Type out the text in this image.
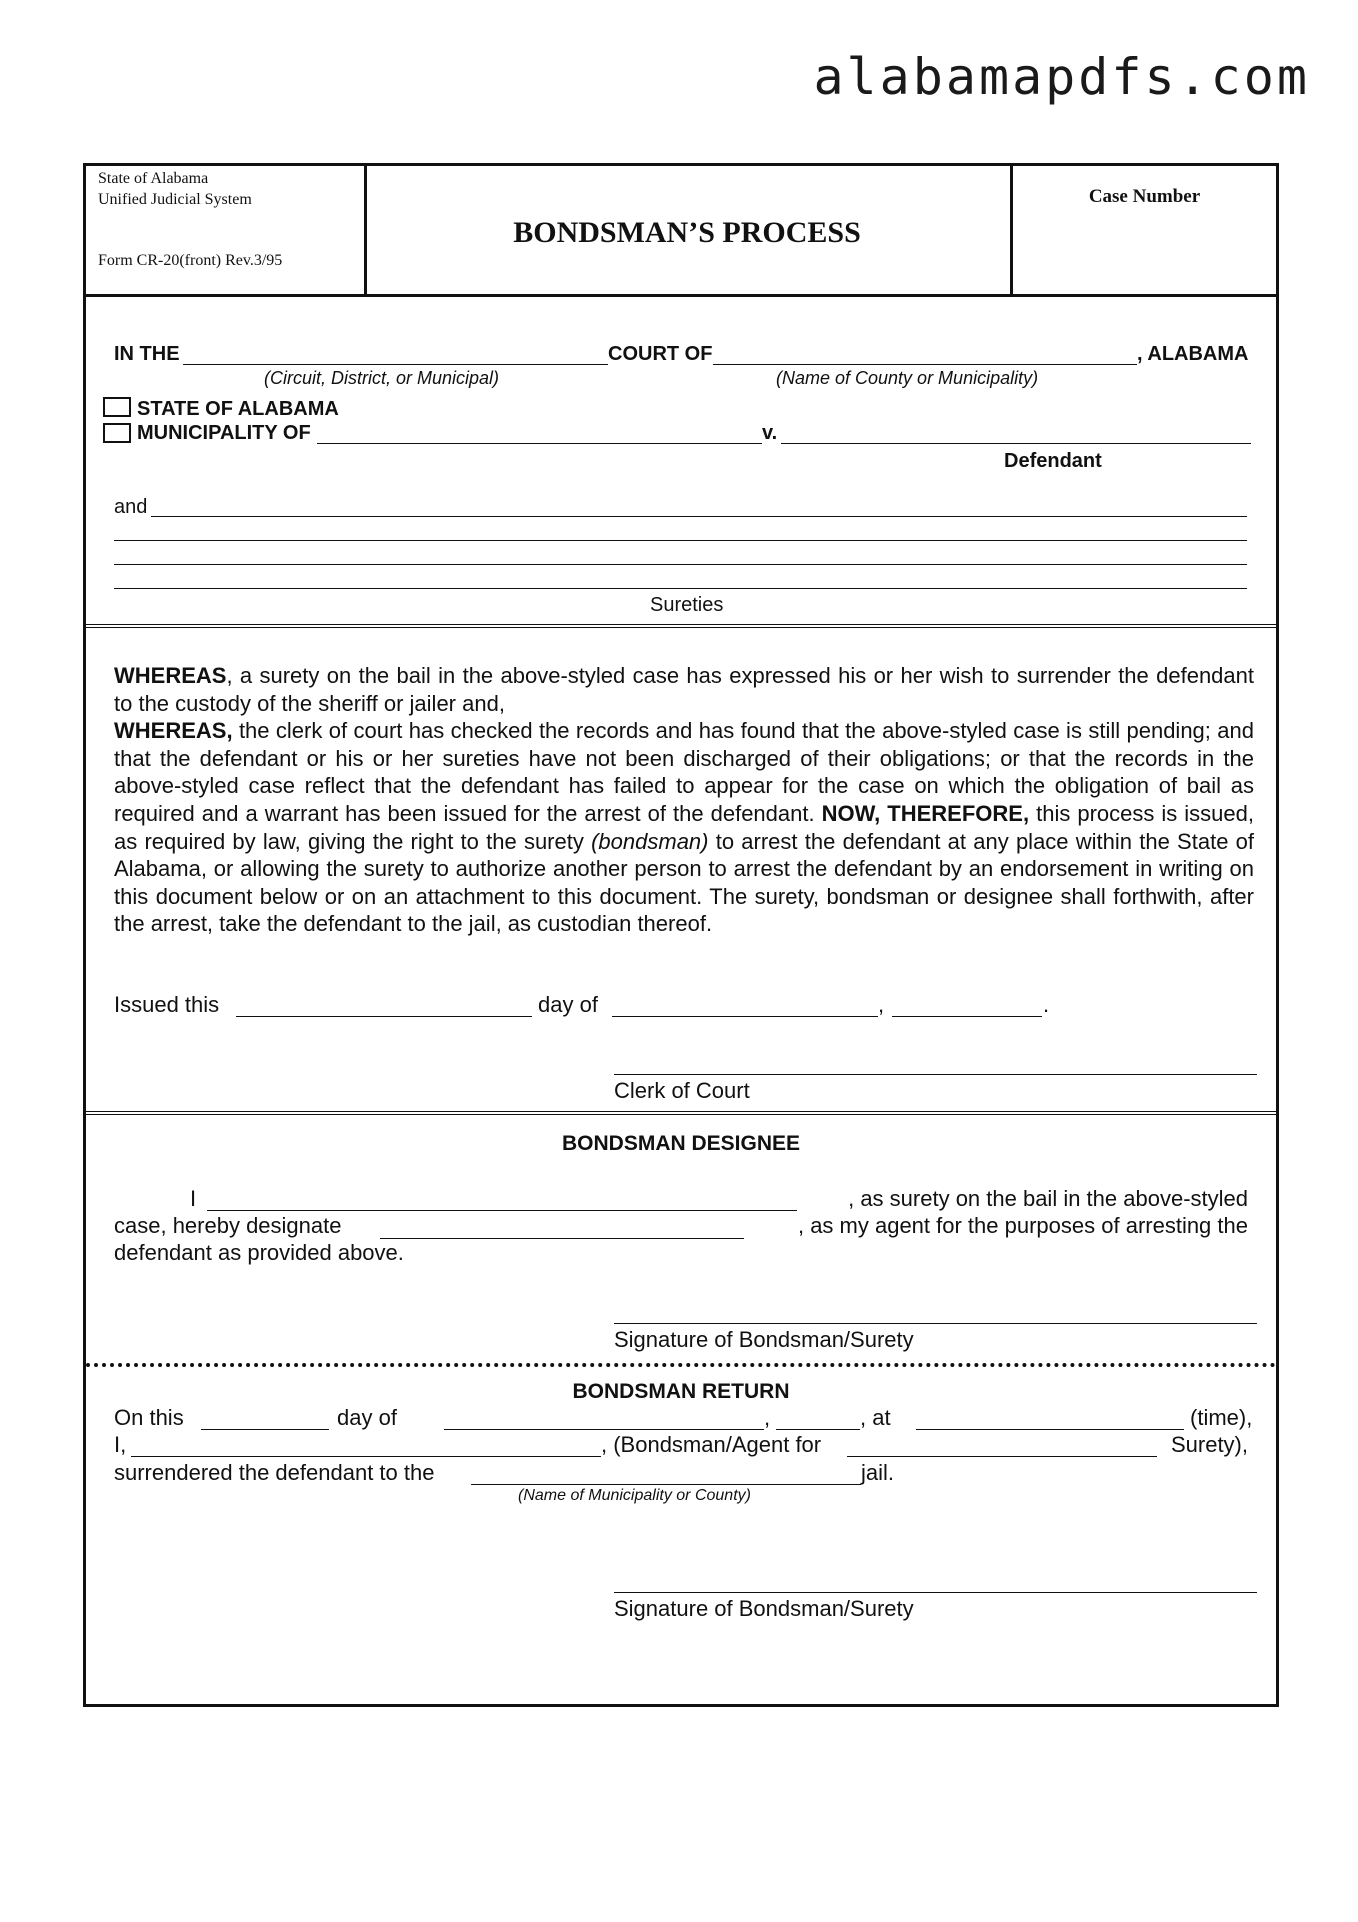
alabamapdfs.com
State of Alabama
Unified Judicial System
Form CR-20(front) Rev.3/95
BONDSMAN’S PROCESS
Case Number
IN THE	COURT OF	, ALABAMA
(Circuit, District, or Municipal)	(Name of County or Municipality)
STATE OF ALABAMA
MUNICIPALITY OF	v.
Defendant
and
Sureties

WHEREAS, a surety on the bail in the above-styled case has expressed his or her wish to surrender the defendant to the custody of the sheriff or jailer and,

WHEREAS, the clerk of court has checked the records and has found that the above-styled case is still pending; and that the defendant or his or her sureties have not been discharged of their obligations; or that the records in the above-styled case reflect that the defendant has failed to appear for the case on which the obligation of bail as required and a warrant has been issued for the arrest of the defendant. NOW, THEREFORE, this process is issued, as required by law, giving the right to the surety (bondsman) to arrest the defendant at any place within the State of Alabama, or allowing the surety to authorize another person to arrest the defendant by an endorsement in writing on this document below or on an attachment to this document. The surety, bondsman or designee shall forthwith, after the arrest, take the defendant to the jail, as custodian thereof.

Issued this	day of	,	.
Clerk of Court
BONDSMAN DESIGNEE
I	, as surety on the bail in the above-styled
case, hereby designate	, as my agent for the purposes of arresting the
defendant as provided above.
Signature of Bondsman/Surety
BONDSMAN RETURN
On this	day of	,	, at	(time),
I,	, (Bondsman/Agent for	Surety),
surrendered the defendant to the	jail.
(Name of Municipality or County)
Signature of Bondsman/Surety
